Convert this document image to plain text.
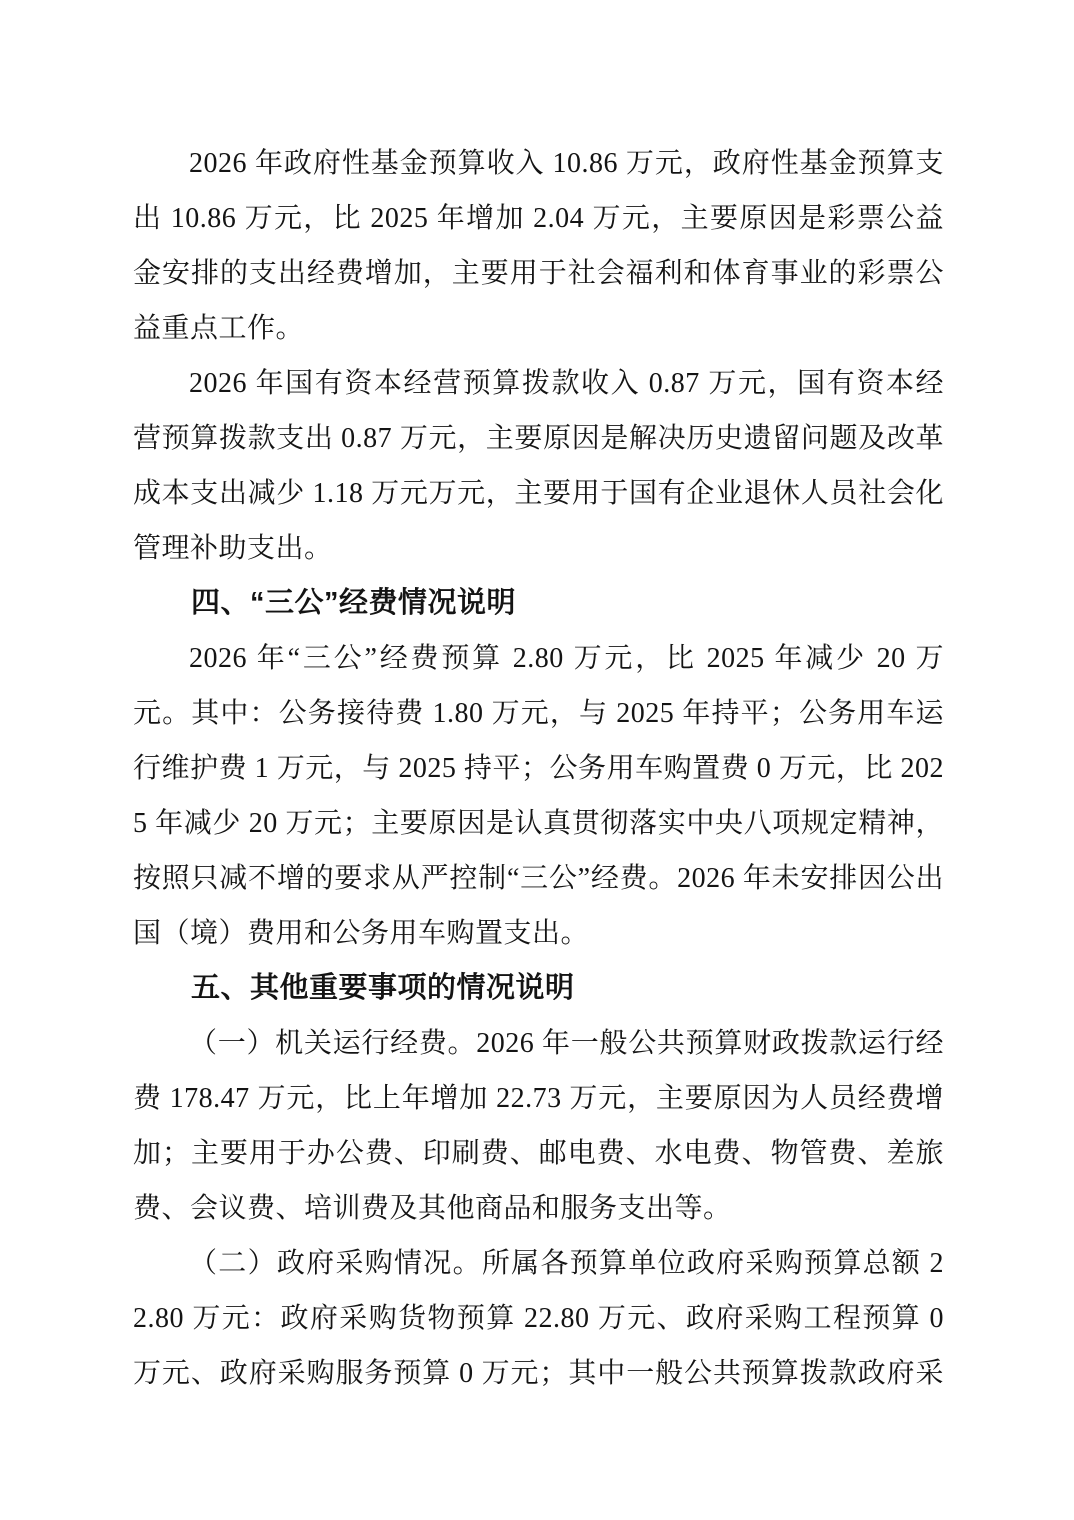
2026 年政府性基金预算收入 10.86 万元，政府性基金预算支出 10.86 万元，比 2025 年增加 2.04 万元，主要原因是彩票公益金安排的支出经费增加，主要用于社会福利和体育事业的彩票公益重点工作。

2026 年国有资本经营预算拨款收入 0.87 万元，国有资本经营预算拨款支出 0.87 万元，主要原因是解决历史遗留问题及改革成本支出减少 1.18 万元万元，主要用于国有企业退休人员社会化管理补助支出。

四、“三公”经费情况说明

2026 年“三公”经费预算 2.80 万元，比 2025 年减少 20 万元。其中：公务接待费 1.80 万元，与 2025 年持平；公务用车运行维护费 1 万元，与 2025 持平；公务用车购置费 0 万元，比 2025 年减少 20 万元；主要原因是认真贯彻落实中央八项规定精神，按照只减不增的要求从严控制“三公”经费。2026 年未安排因公出国（境）费用和公务用车购置支出。

五、其他重要事项的情况说明

（一）机关运行经费。2026 年一般公共预算财政拨款运行经费 178.47 万元，比上年增加 22.73 万元，主要原因为人员经费增加；主要用于办公费、印刷费、邮电费、水电费、物管费、差旅费、会议费、培训费及其他商品和服务支出等。

（二）政府采购情况。所属各预算单位政府采购预算总额 22.80 万元：政府采购货物预算 22.80 万元、政府采购工程预算 0 万元、政府采购服务预算 0 万元；其中一般公共预算拨款政府采
